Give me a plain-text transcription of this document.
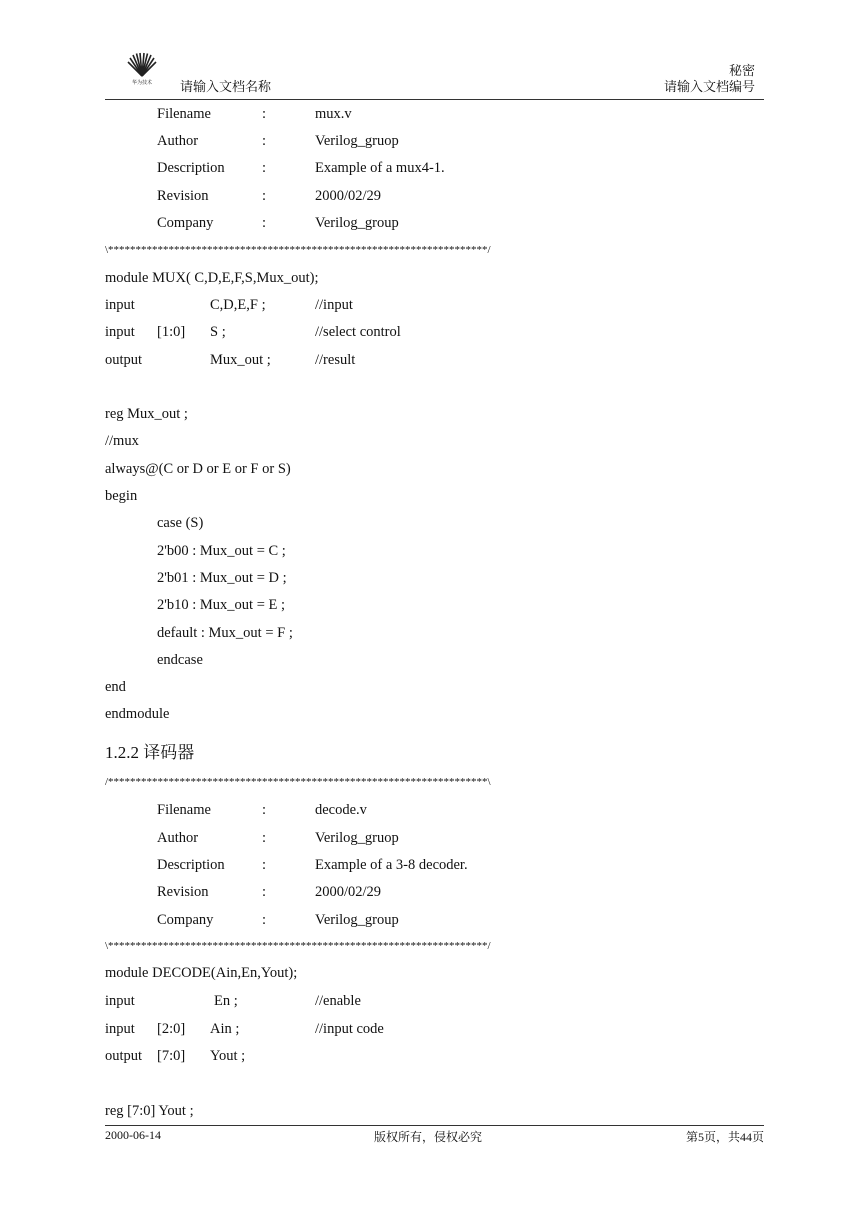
华为技术 请输入文档名称
秘密
请输入文档编号
Filename	:	mux.v
Author	:	Verilog_gruop
Description	:	Example of a mux4-1.
Revision	:	2000/02/29
Company	:	Verilog_group
\*********************************************************************/
module MUX( C,D,E,F,S,Mux_out);
input	C,D,E,F ;	//input
input [1:0] S ;	//select control
output	Mux_out ;	//result
reg Mux_out ;
//mux
always@(C or D or E or F or S)
begin
case (S)
2'b00 : Mux_out = C ;
2'b01 : Mux_out = D ;
2'b10 : Mux_out = E ;
default : Mux_out = F ;
endcase
end
endmodule
1.2.2 译码器
/*********************************************************************\
Filename	:	decode.v
Author	:	Verilog_gruop
Description	:	Example of a 3-8 decoder.
Revision	:	2000/02/29
Company	:	Verilog_group
\*********************************************************************/
module DECODE(Ain,En,Yout);
input	En ;	//enable
input [2:0] Ain ;	//input code
output [7:0] Yout ;
reg [7:0] Yout ;
2000-06-14	版权所有，侵权必究	第5页，共44页
